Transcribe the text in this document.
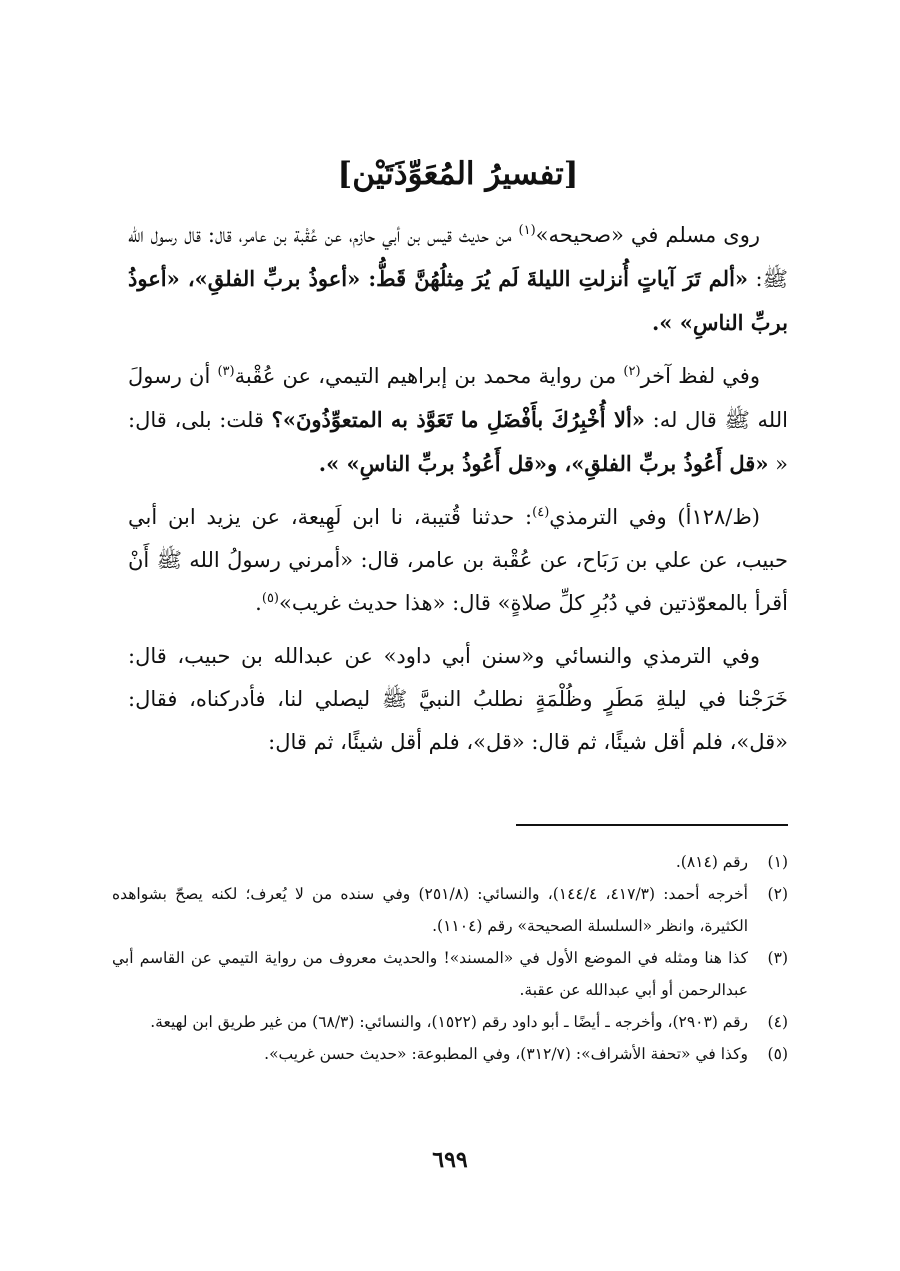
[تفسيرُ المُعَوِّذَتَيْن]

روى مسلم في «صحيحه»$^{(١)}$ من حديث قيس بن أبي حازم، عن عُقْبة بن عامر، قال: قال رسول الله ﷺ: «ألم تَرَ آياتٍ أُنزلتِ الليلةَ لَم يُرَ مِثلُهُنَّ قَطُّ: «أعوذُ بربِّ الفلقِ»، «أعوذُ بربِّ الناسِ» ».

وفي لفظ آخر$^{(٢)}$ من رواية محمد بن إبراهيم التيمي، عن عُقْبة$^{(٣)}$ أن رسولَ الله ﷺ قال له: «ألا أُخْبِرُكَ بأَفْضَلِ ما تَعَوَّذ به المتعوِّذُونَ»؟ قلت: بلى، قال: « «قل أَعُوذُ بربِّ الفلقِ»، و«قل أَعُوذُ بربِّ الناسِ» ».

(ظ/١٢٨أ) وفي الترمذي$^{(٤)}$: حدثنا قُتيبة، نا ابن لَهِيعة، عن يزيد ابن أبي حبيب، عن علي بن رَبَاح، عن عُقْبة بن عامر، قال: «أمرني رسولُ الله ﷺ أَنْ أقرأ بالمعوّذتين في دُبُرِ كلِّ صلاةٍ» قال: «هذا حديث غريب»$^{(٥)}$.

وفي الترمذي والنسائي و«سنن أبي داود» عن عبدالله بن حبيب، قال: خَرَجْنا في ليلةِ مَطَرٍ وظُلْمَةٍ نطلبُ النبيَّ ﷺ ليصلي لنا، فأدركناه، فقال: «قل»، فلم أقل شيئًا، ثم قال: «قل»، فلم أقل شيئًا، ثم قال:

(١)
رقم (٨١٤).
(٢)
أخرجه أحمد: (٤١٧/٣، ١٤٤/٤)، والنسائي: (٢٥١/٨) وفي سنده من لا يُعرف؛ لكنه يصحّ بشواهده الكثيرة، وانظر «السلسلة الصحيحة» رقم (١١٠٤).
(٣)
كذا هنا ومثله في الموضع الأول في «المسند»! والحديث معروف من رواية التيمي عن القاسم أبي عبدالرحمن أو أبي عبدالله عن عقبة.
(٤)
رقم (٢٩٠٣)، وأخرجه ـ أيضًا ـ أبو داود رقم (١٥٢٢)، والنسائي: (٦٨/٣) من غير طريق ابن لهيعة.
(٥)
وكذا في «تحفة الأشراف»: (٣١٢/٧)، وفي المطبوعة: «حديث حسن غريب».
٦٩٩
